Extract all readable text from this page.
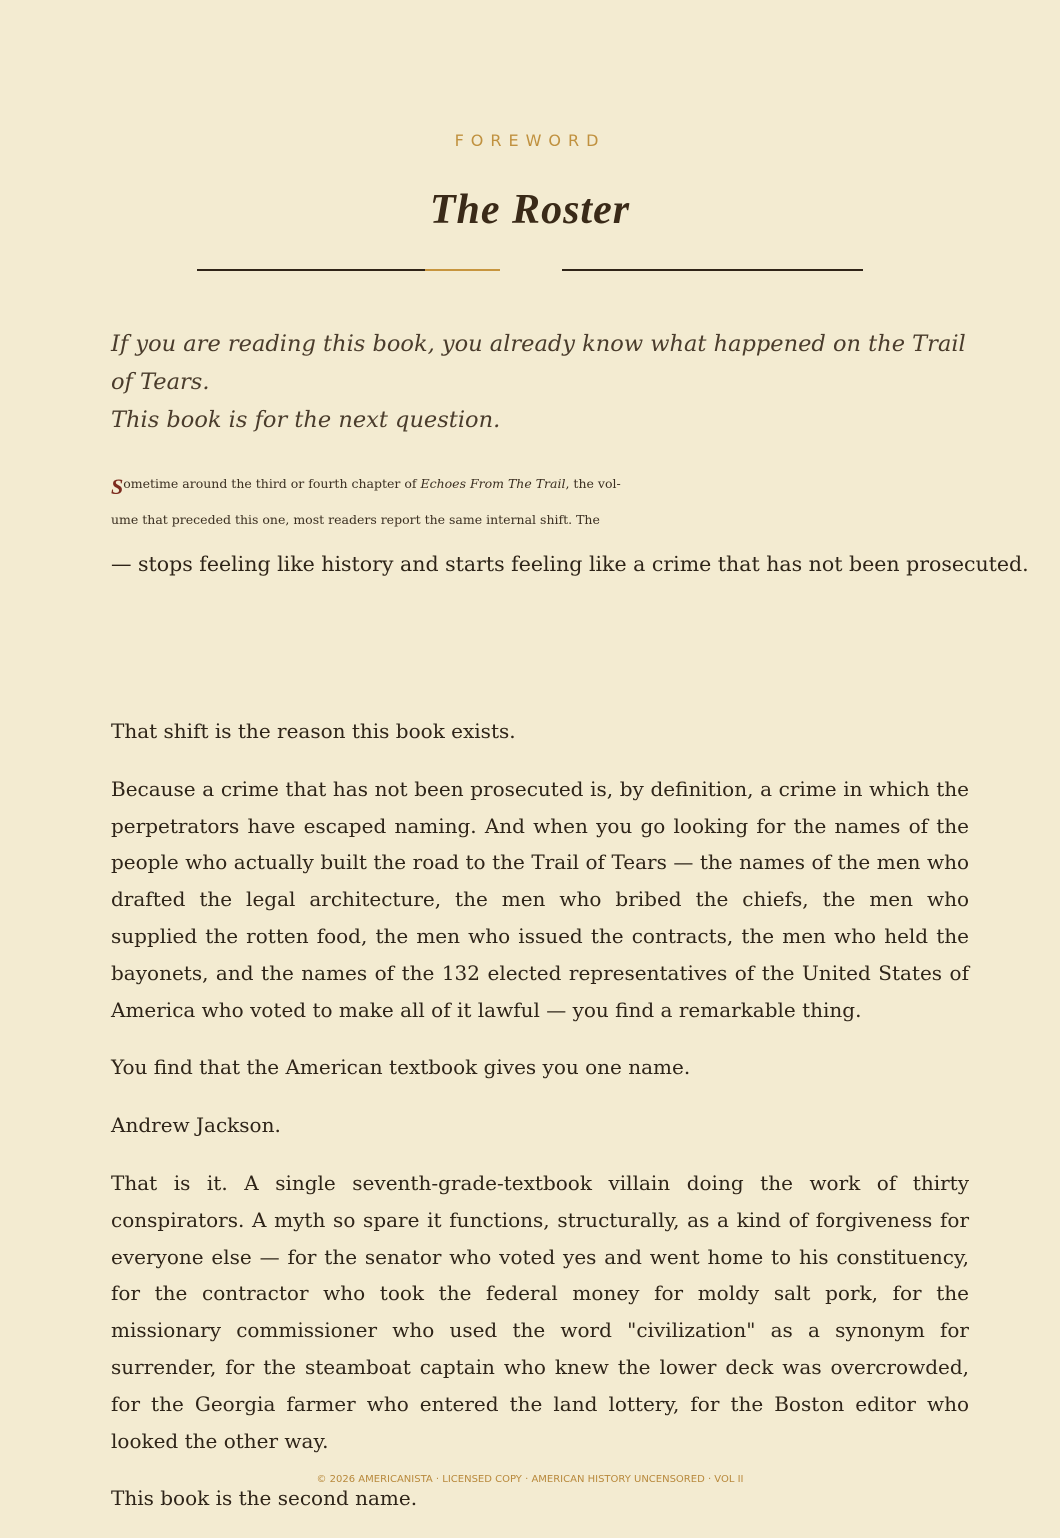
FOREWORD
The Roster

If you are reading this book, you already know what happened on the Trail of Tears.
This book is for the next question.

Sometime around the third or fourth chapter of Echoes From The Trail, the vol-
ume that preceded this one, most readers report the same internal shift. The
— stops feeling like history and starts feeling like a crime that has not been prosecuted.

That shift is the reason this book exists.

Because a crime that has not been prosecuted is, by definition, a crime in which the perpetrators have escaped naming. And when you go looking for the names of the people who actually built the road to the Trail of Tears — the names of the men who drafted the legal architecture, the men who bribed the chiefs, the men who supplied the rotten food, the men who issued the contracts, the men who held the bayonets, and the names of the 132 elected representatives of the United States of America who voted to make all of it lawful — you find a remarkable thing.

You find that the American textbook gives you one name.

Andrew Jackson.

That is it. A single seventh-grade-textbook villain doing the work of thirty conspirators. A myth so spare it functions, structurally, as a kind of forgiveness for everyone else — for the senator who voted yes and went home to his constituency, for the contractor who took the federal money for moldy salt pork, for the missionary commissioner who used the word "civilization" as a synonym for surrender, for the steamboat captain who knew the lower deck was overcrowded, for the Georgia farmer who entered the land lottery, for the Boston editor who looked the other way.

This book is the second name.

© 2026 AMERICANISTA · LICENSED COPY · AMERICAN HISTORY UNCENSORED · VOL II
